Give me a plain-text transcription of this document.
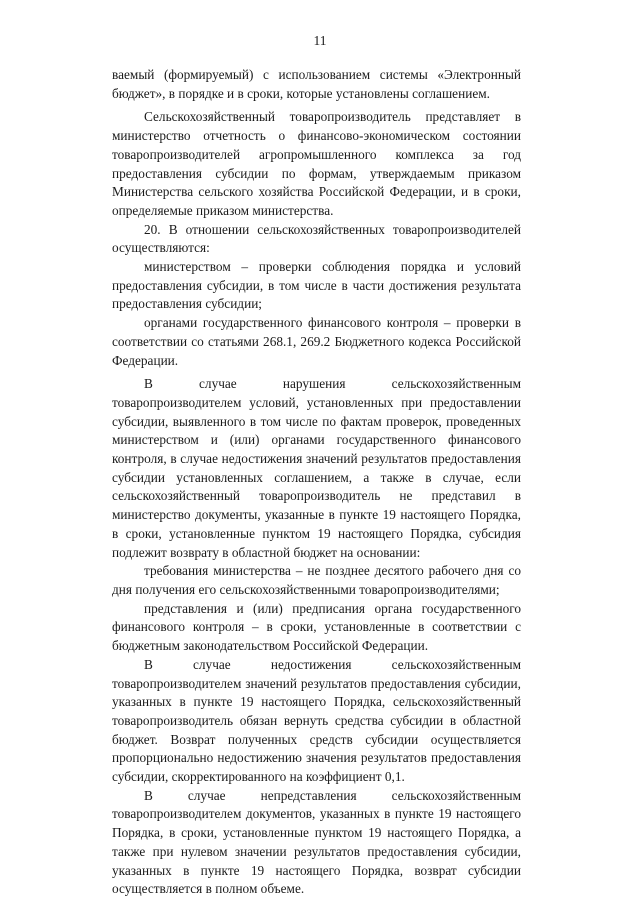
11

ваемый (формируемый) с использованием системы «Электронный бюджет», в порядке и в сроки, которые установлены соглашением.

Сельскохозяйственный товаропроизводитель представляет в министерство отчетность о финансово-экономическом состоянии товаропроизводителей агропромышленного комплекса за год предоставления субсидии по формам, утверждаемым приказом Министерства сельского хозяйства Российской Федерации, и в сроки, определяемые приказом министерства.

20. В отношении сельскохозяйственных товаропроизводителей осуществляются:

министерством – проверки соблюдения порядка и условий предоставления субсидии, в том числе в части достижения результата предоставления субсидии;

органами государственного финансового контроля – проверки в соответствии со статьями 268.1, 269.2 Бюджетного кодекса Российской Федерации.

В случае нарушения сельскохозяйственным товаропроизводителем условий, установленных при предоставлении субсидии, выявленного в том числе по фактам проверок, проведенных министерством и (или) органами государственного финансового контроля, в случае недостижения значений результатов предоставления субсидии установленных соглашением, а также в случае, если сельскохозяйственный товаропроизводитель не представил в министерство документы, указанные в пункте 19 настоящего Порядка, в сроки, установленные пунктом 19 настоящего Порядка, субсидия подлежит возврату в областной бюджет на основании:

требования министерства – не позднее десятого рабочего дня со дня получения его сельскохозяйственными товаропроизводителями;

представления и (или) предписания органа государственного финансового контроля – в сроки, установленные в соответствии с бюджетным законодательством Российской Федерации.

В случае недостижения сельскохозяйственным товаропроизводителем значений результатов предоставления субсидии, указанных в пункте 19 настоящего Порядка, сельскохозяйственный товаропроизводитель обязан вернуть средства субсидии в областной бюджет. Возврат полученных средств субсидии осуществляется пропорционально недостижению значения результатов предоставления субсидии, скорректированного на коэффициент 0,1.

В случае непредставления сельскохозяйственным товаропроизводителем документов, указанных в пункте 19 настоящего Порядка, в сроки, установленные пунктом 19 настоящего Порядка, а также при нулевом значении результатов предоставления субсидии, указанных в пункте 19 настоящего Порядка, возврат субсидии осуществляется в полном объеме.
